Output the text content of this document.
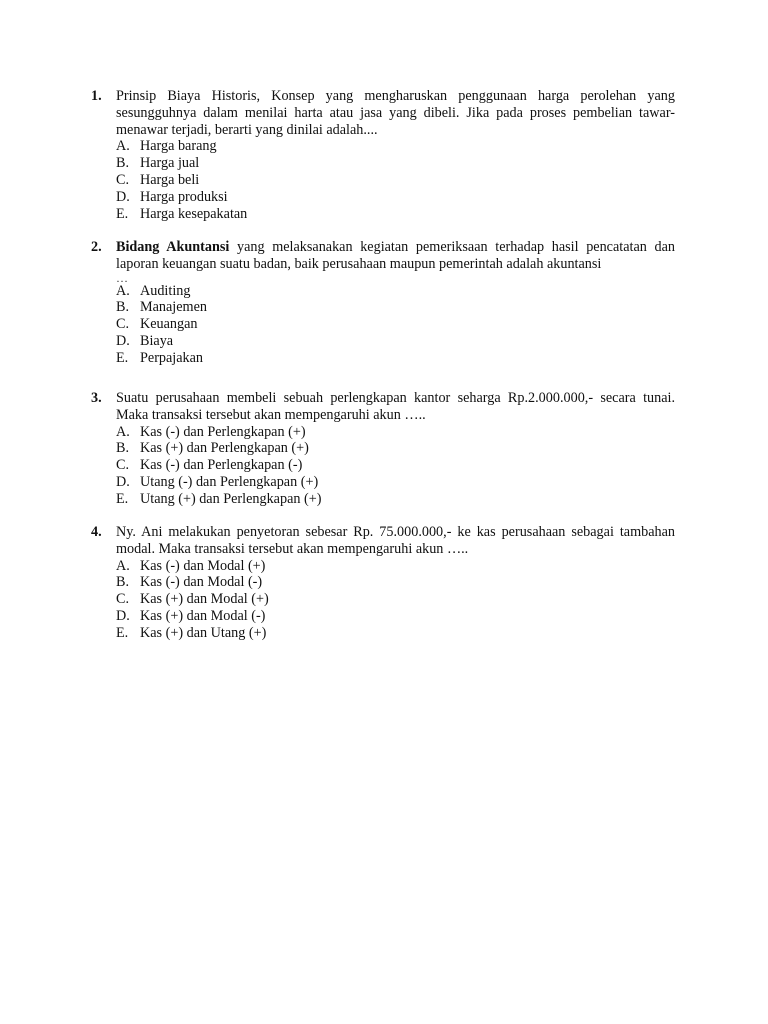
1.	Prinsip Biaya Historis, Konsep yang mengharuskan penggunaan harga perolehan yang sesungguhnya dalam menilai harta atau jasa yang dibeli. Jika pada proses pembelian tawar-menawar terjadi, berarti yang dinilai adalah....

A. Harga barang
B. Harga jual
C. Harga beli
D. Harga produksi
E. Harga kesepakatan
2.	Bidang Akuntansi yang melaksanakan kegiatan pemeriksaan terhadap hasil pencatatan dan laporan keuangan suatu badan, baik perusahaan maupun pemerintah adalah akuntansi

…
A. Auditing
B. Manajemen
C. Keuangan
D. Biaya
E. Perpajakan
3.	Suatu perusahaan membeli sebuah perlengkapan kantor seharga Rp.2.000.000,- secara tunai. Maka transaksi tersebut akan mempengaruhi akun …..

A. Kas (-) dan Perlengkapan (+)
B. Kas (+) dan Perlengkapan (+)
C. Kas (-) dan Perlengkapan (-)
D. Utang (-) dan Perlengkapan (+)
E. Utang (+) dan Perlengkapan (+)
4.	Ny. Ani melakukan penyetoran sebesar Rp. 75.000.000,- ke kas perusahaan sebagai tambahan modal. Maka transaksi tersebut akan mempengaruhi akun …..

A. Kas (-) dan Modal (+)
B. Kas (-) dan Modal (-)
C. Kas (+) dan Modal (+)
D. Kas (+) dan Modal (-)
E. Kas (+) dan Utang (+)
